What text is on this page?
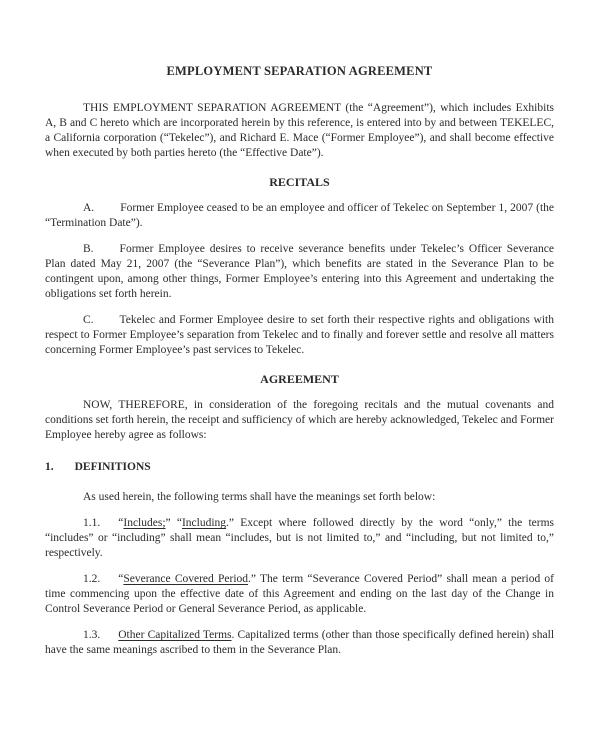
EMPLOYMENT SEPARATION AGREEMENT

THIS EMPLOYMENT SEPARATION AGREEMENT (the “Agreement”), which includes Exhibits A, B and C hereto which are incorporated herein by this reference, is entered into by and between TEKELEC, a California corporation (“Tekelec”), and Richard E. Mace (“Former Employee”), and shall become effective when executed by both parties hereto (the “Effective Date”).

RECITALS

A. Former Employee ceased to be an employee and officer of Tekelec on September 1, 2007 (the “Termination Date”).

B. Former Employee desires to receive severance benefits under Tekelec’s Officer Severance Plan dated May 21, 2007 (the “Severance Plan”), which benefits are stated in the Severance Plan to be contingent upon, among other things, Former Employee’s entering into this Agreement and undertaking the obligations set forth herein.

C. Tekelec and Former Employee desire to set forth their respective rights and obligations with respect to Former Employee’s separation from Tekelec and to finally and forever settle and resolve all matters concerning Former Employee’s past services to Tekelec.

AGREEMENT

NOW, THEREFORE, in consideration of the foregoing recitals and the mutual covenants and conditions set forth herein, the receipt and sufficiency of which are hereby acknowledged, Tekelec and Former Employee hereby agree as follows:

1. DEFINITIONS

As used herein, the following terms shall have the meanings set forth below:

1.1. “Includes;” “Including.” Except where followed directly by the word “only,” the terms “includes” or “including” shall mean “includes, but is not limited to,” and “including, but not limited to,” respectively.

1.2. “Severance Covered Period.” The term “Severance Covered Period” shall mean a period of time commencing upon the effective date of this Agreement and ending on the last day of the Change in Control Severance Period or General Severance Period, as applicable.

1.3. Other Capitalized Terms. Capitalized terms (other than those specifically defined herein) shall have the same meanings ascribed to them in the Severance Plan.
